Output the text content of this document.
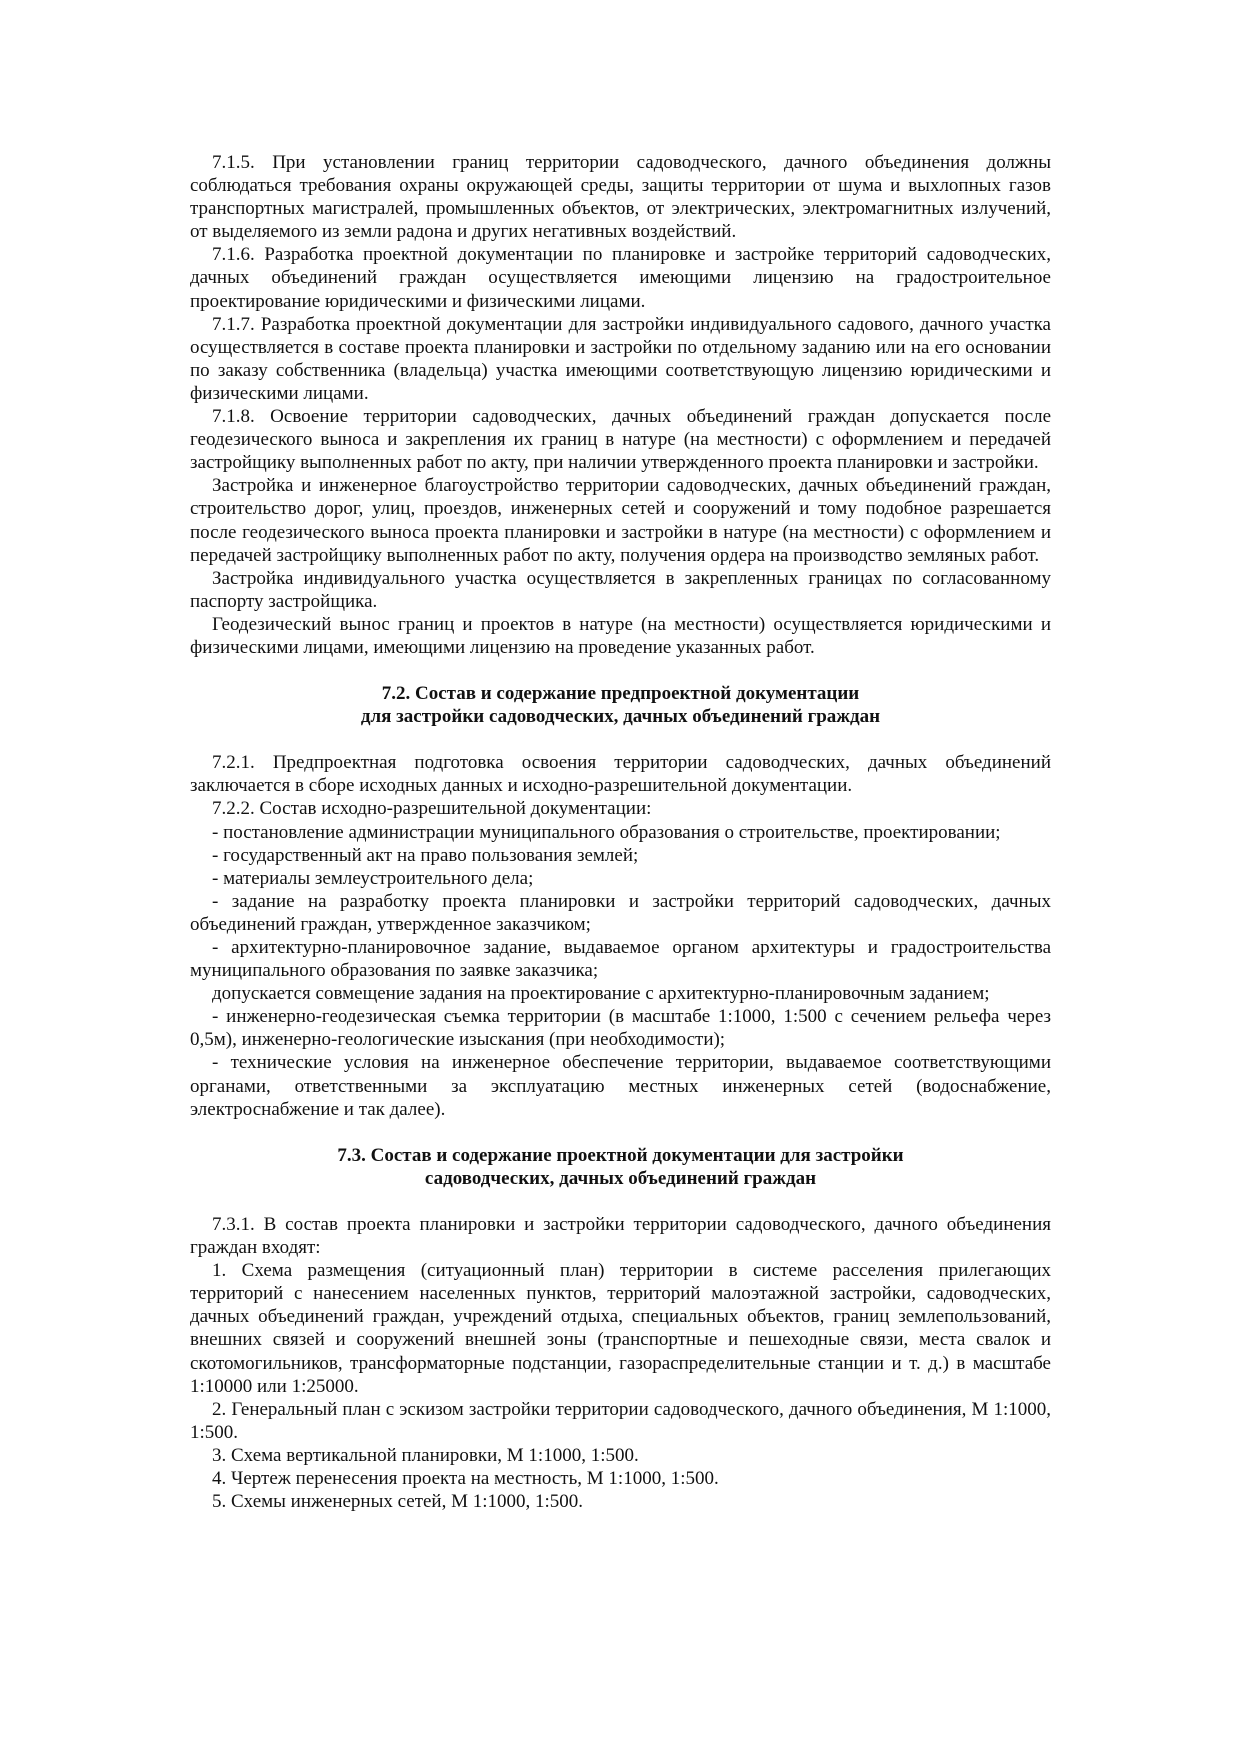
7.1.5. При установлении границ территории садоводческого, дачного объединения должны соблюдаться требования охраны окружающей среды, защиты территории от шума и выхлопных газов транспортных магистралей, промышленных объектов, от электрических, электромагнитных излучений, от выделяемого из земли радона и других негативных воздействий.

7.1.6. Разработка проектной документации по планировке и застройке территорий садоводческих, дачных объединений граждан осуществляется имеющими лицензию на градостроительное проектирование юридическими и физическими лицами.

7.1.7. Разработка проектной документации для застройки индивидуального садового, дачного участка осуществляется в составе проекта планировки и застройки по отдельному заданию или на его основании по заказу собственника (владельца) участка имеющими соответствующую лицензию юридическими и физическими лицами.

7.1.8. Освоение территории садоводческих, дачных объединений граждан допускается после геодезического выноса и закрепления их границ в натуре (на местности) с оформлением и передачей застройщику выполненных работ по акту, при наличии утвержденного проекта планировки и застройки.

Застройка и инженерное благоустройство территории садоводческих, дачных объединений граждан, строительство дорог, улиц, проездов, инженерных сетей и сооружений и тому подобное разрешается после геодезического выноса проекта планировки и застройки в натуре (на местности) с оформлением и передачей застройщику выполненных работ по акту, получения ордера на производство земляных работ.

Застройка индивидуального участка осуществляется в закрепленных границах по согласованному паспорту застройщика.

Геодезический вынос границ и проектов в натуре (на местности) осуществляется юридическими и физическими лицами, имеющими лицензию на проведение указанных работ.

7.2. Состав и содержание предпроектной документации

для застройки садоводческих, дачных объединений граждан

7.2.1. Предпроектная подготовка освоения территории садоводческих, дачных объединений заключается в сборе исходных данных и исходно-разрешительной документации.

7.2.2. Состав исходно-разрешительной документации:

- постановление администрации муниципального образования о строительстве, проектировании;

- государственный акт на право пользования землей;

- материалы землеустроительного дела;

- задание на разработку проекта планировки и застройки территорий садоводческих, дачных объединений граждан, утвержденное заказчиком;

- архитектурно-планировочное задание, выдаваемое органом архитектуры и градостроительства муниципального образования по заявке заказчика;

допускается совмещение задания на проектирование с архитектурно-планировочным заданием;

- инженерно-геодезическая съемка территории (в масштабе 1:1000, 1:500 с сечением рельефа через 0,5м), инженерно-геологические изыскания (при необходимости);

- технические условия на инженерное обеспечение территории, выдаваемое соответствующими органами, ответственными за эксплуатацию местных инженерных сетей (водоснабжение, электроснабжение и так далее).

7.3. Состав и содержание проектной документации для застройки

садоводческих, дачных объединений граждан

7.3.1. В состав проекта планировки и застройки территории садоводческого, дачного объединения граждан входят:

1. Схема размещения (ситуационный план) территории в системе расселения прилегающих территорий с нанесением населенных пунктов, территорий малоэтажной застройки, садоводческих, дачных объединений граждан, учреждений отдыха, специальных объектов, границ землепользований, внешних связей и сооружений внешней зоны (транспортные и пешеходные связи, места свалок и скотомогильников, трансформаторные подстанции, газораспределительные станции и т. д.) в масштабе 1:10000 или 1:25000.

2. Генеральный план с эскизом застройки территории садоводческого, дачного объединения, М 1:1000, 1:500.

3. Схема вертикальной планировки, М 1:1000, 1:500.

4. Чертеж перенесения проекта на местность, М 1:1000, 1:500.

5. Схемы инженерных сетей, М 1:1000, 1:500.
